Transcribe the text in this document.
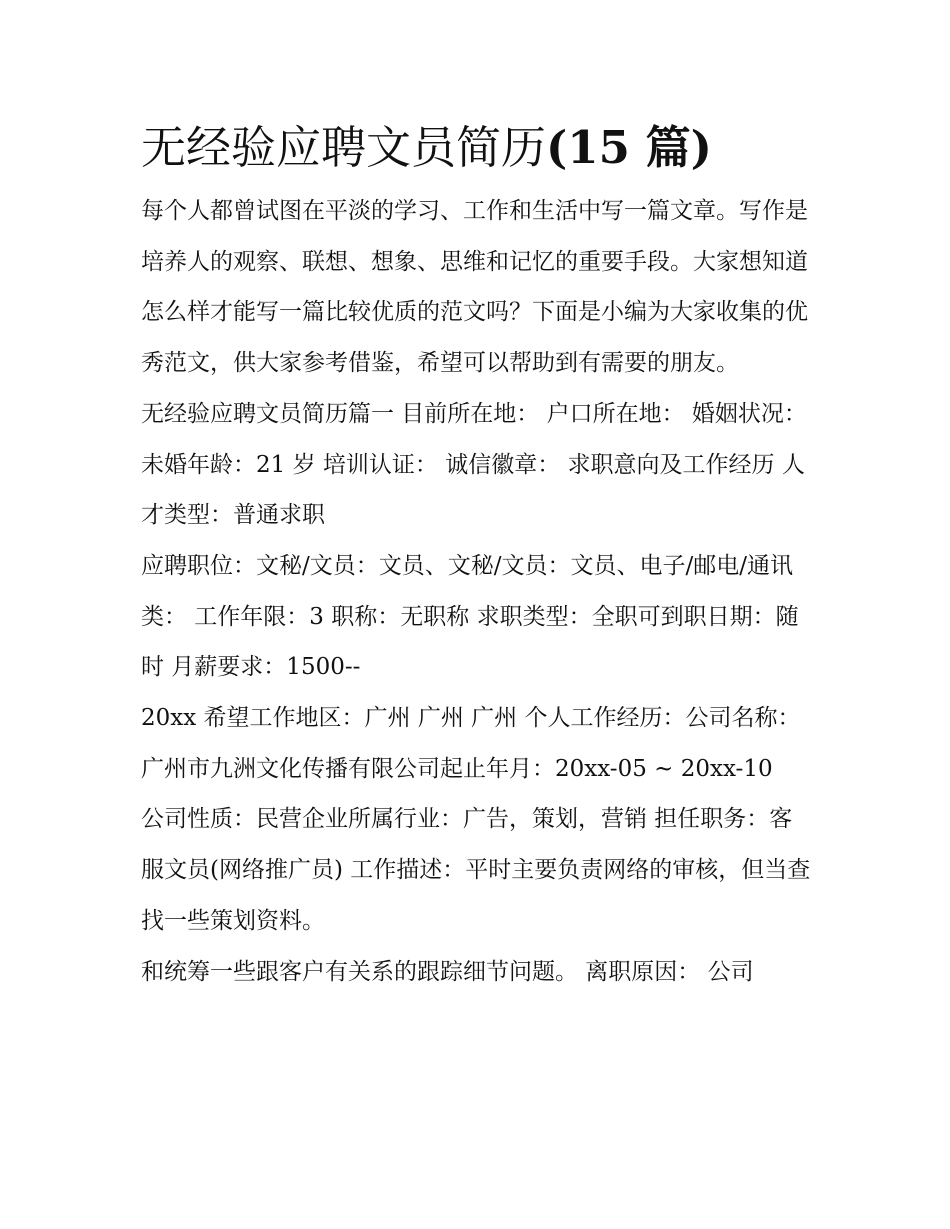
无经验应聘文员简历(15 篇)

每个人都曾试图在平淡的学习、工作和生活中写一篇文章。写作是培养人的观察、联想、想象、思维和记忆的重要手段。大家想知道怎么样才能写一篇比较优质的范文吗？下面是小编为大家收集的优秀范文，供大家参考借鉴，希望可以帮助到有需要的朋友。

无经验应聘文员简历篇一 目前所在地： 户口所在地： 婚姻状况：未婚年龄：21 岁 培训认证： 诚信徽章： 求职意向及工作经历 人才类型：普通求职

应聘职位：文秘/文员：文员、文秘/文员：文员、电子/邮电/通讯类： 工作年限：3 职称：无职称 求职类型：全职可到职日期：随时 月薪要求：1500--

20xx 希望工作地区：广州 广州 广州 个人工作经历：公司名称：广州市九洲文化传播有限公司起止年月：20xx-05 ~ 20xx-10

公司性质：民营企业所属行业：广告，策划，营销 担任职务：客服文员(网络推广员) 工作描述：平时主要负责网络的审核，但当查找一些策划资料。

和统筹一些跟客户有关系的跟踪细节问题。 离职原因： 公司
